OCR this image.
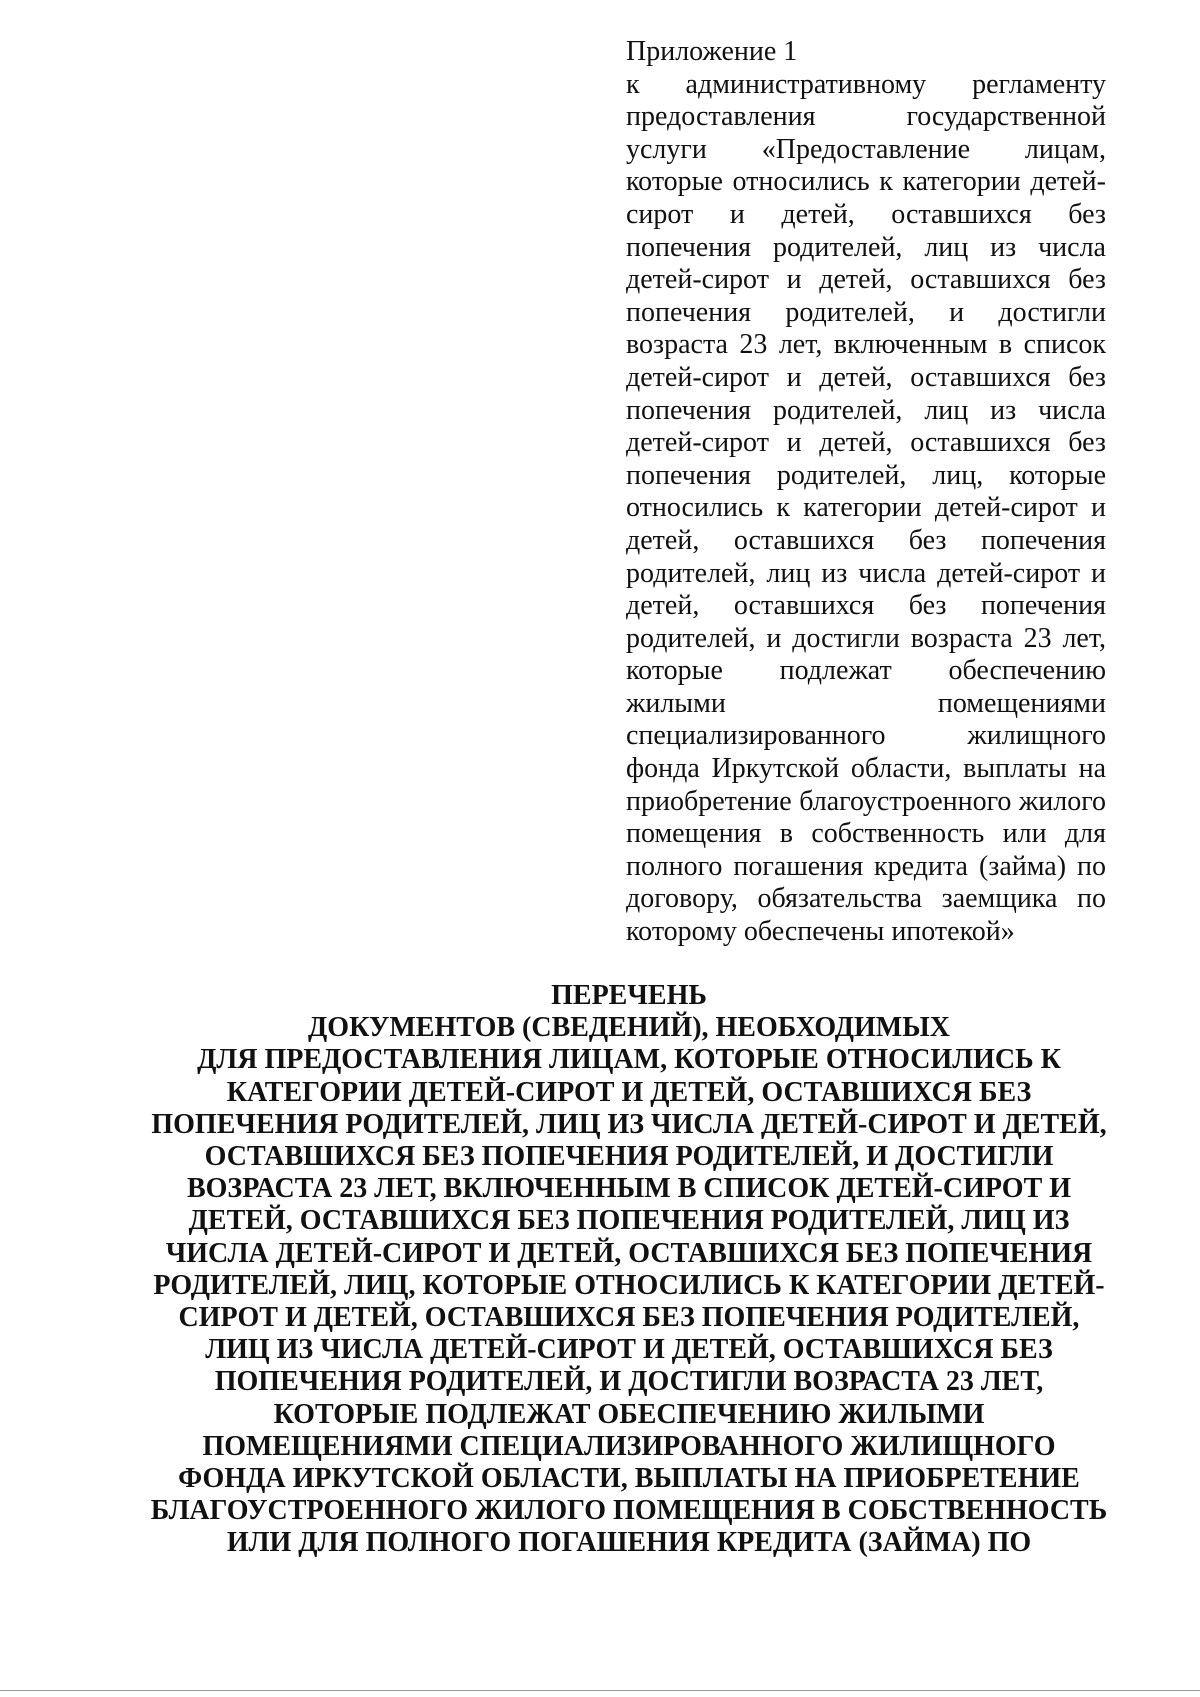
Приложение 1
к административному регламенту предоставления государственной услуги «Предоставление лицам, которые относились к категории детей-сирот и детей, оставшихся без попечения родителей, лиц из числа детей-сирот и детей, оставшихся без попечения родителей, и достигли возраста 23 лет, включенным в список детей-сирот и детей, оставшихся без попечения родителей, лиц из числа детей-сирот и детей, оставшихся без попечения родителей, лиц, которые относились к категории детей-сирот и детей, оставшихся без попечения родителей, лиц из числа детей-сирот и детей, оставшихся без попечения родителей, и достигли возраста 23 лет, которые подлежат обеспечению жилыми помещениями специализированного жилищного фонда Иркутской области, выплаты на приобретение благоустроенного жилого помещения в собственность или для полного погашения кредита (займа) по договору, обязательства заемщика по которому обеспечены ипотекой»
ПЕРЕЧЕНЬ
ДОКУМЕНТОВ (СВЕДЕНИЙ), НЕОБХОДИМЫХ
ДЛЯ ПРЕДОСТАВЛЕНИЯ ЛИЦАМ, КОТОРЫЕ ОТНОСИЛИСЬ К
КАТЕГОРИИ ДЕТЕЙ-СИРОТ И ДЕТЕЙ, ОСТАВШИХСЯ БЕЗ
ПОПЕЧЕНИЯ РОДИТЕЛЕЙ, ЛИЦ ИЗ ЧИСЛА ДЕТЕЙ-СИРОТ И ДЕТЕЙ,
ОСТАВШИХСЯ БЕЗ ПОПЕЧЕНИЯ РОДИТЕЛЕЙ, И ДОСТИГЛИ
ВОЗРАСТА 23 ЛЕТ, ВКЛЮЧЕННЫМ В СПИСОК ДЕТЕЙ-СИРОТ И
ДЕТЕЙ, ОСТАВШИХСЯ БЕЗ ПОПЕЧЕНИЯ РОДИТЕЛЕЙ, ЛИЦ ИЗ
ЧИСЛА ДЕТЕЙ-СИРОТ И ДЕТЕЙ, ОСТАВШИХСЯ БЕЗ ПОПЕЧЕНИЯ
РОДИТЕЛЕЙ, ЛИЦ, КОТОРЫЕ ОТНОСИЛИСЬ К КАТЕГОРИИ ДЕТЕЙ-
СИРОТ И ДЕТЕЙ, ОСТАВШИХСЯ БЕЗ ПОПЕЧЕНИЯ РОДИТЕЛЕЙ,
ЛИЦ ИЗ ЧИСЛА ДЕТЕЙ-СИРОТ И ДЕТЕЙ, ОСТАВШИХСЯ БЕЗ
ПОПЕЧЕНИЯ РОДИТЕЛЕЙ, И ДОСТИГЛИ ВОЗРАСТА 23 ЛЕТ,
КОТОРЫЕ ПОДЛЕЖАТ ОБЕСПЕЧЕНИЮ ЖИЛЫМИ
ПОМЕЩЕНИЯМИ СПЕЦИАЛИЗИРОВАННОГО ЖИЛИЩНОГО
ФОНДА ИРКУТСКОЙ ОБЛАСТИ, ВЫПЛАТЫ НА ПРИОБРЕТЕНИЕ
БЛАГОУСТРОЕННОГО ЖИЛОГО ПОМЕЩЕНИЯ В СОБСТВЕННОСТЬ
ИЛИ ДЛЯ ПОЛНОГО ПОГАШЕНИЯ КРЕДИТА (ЗАЙМА) ПО
